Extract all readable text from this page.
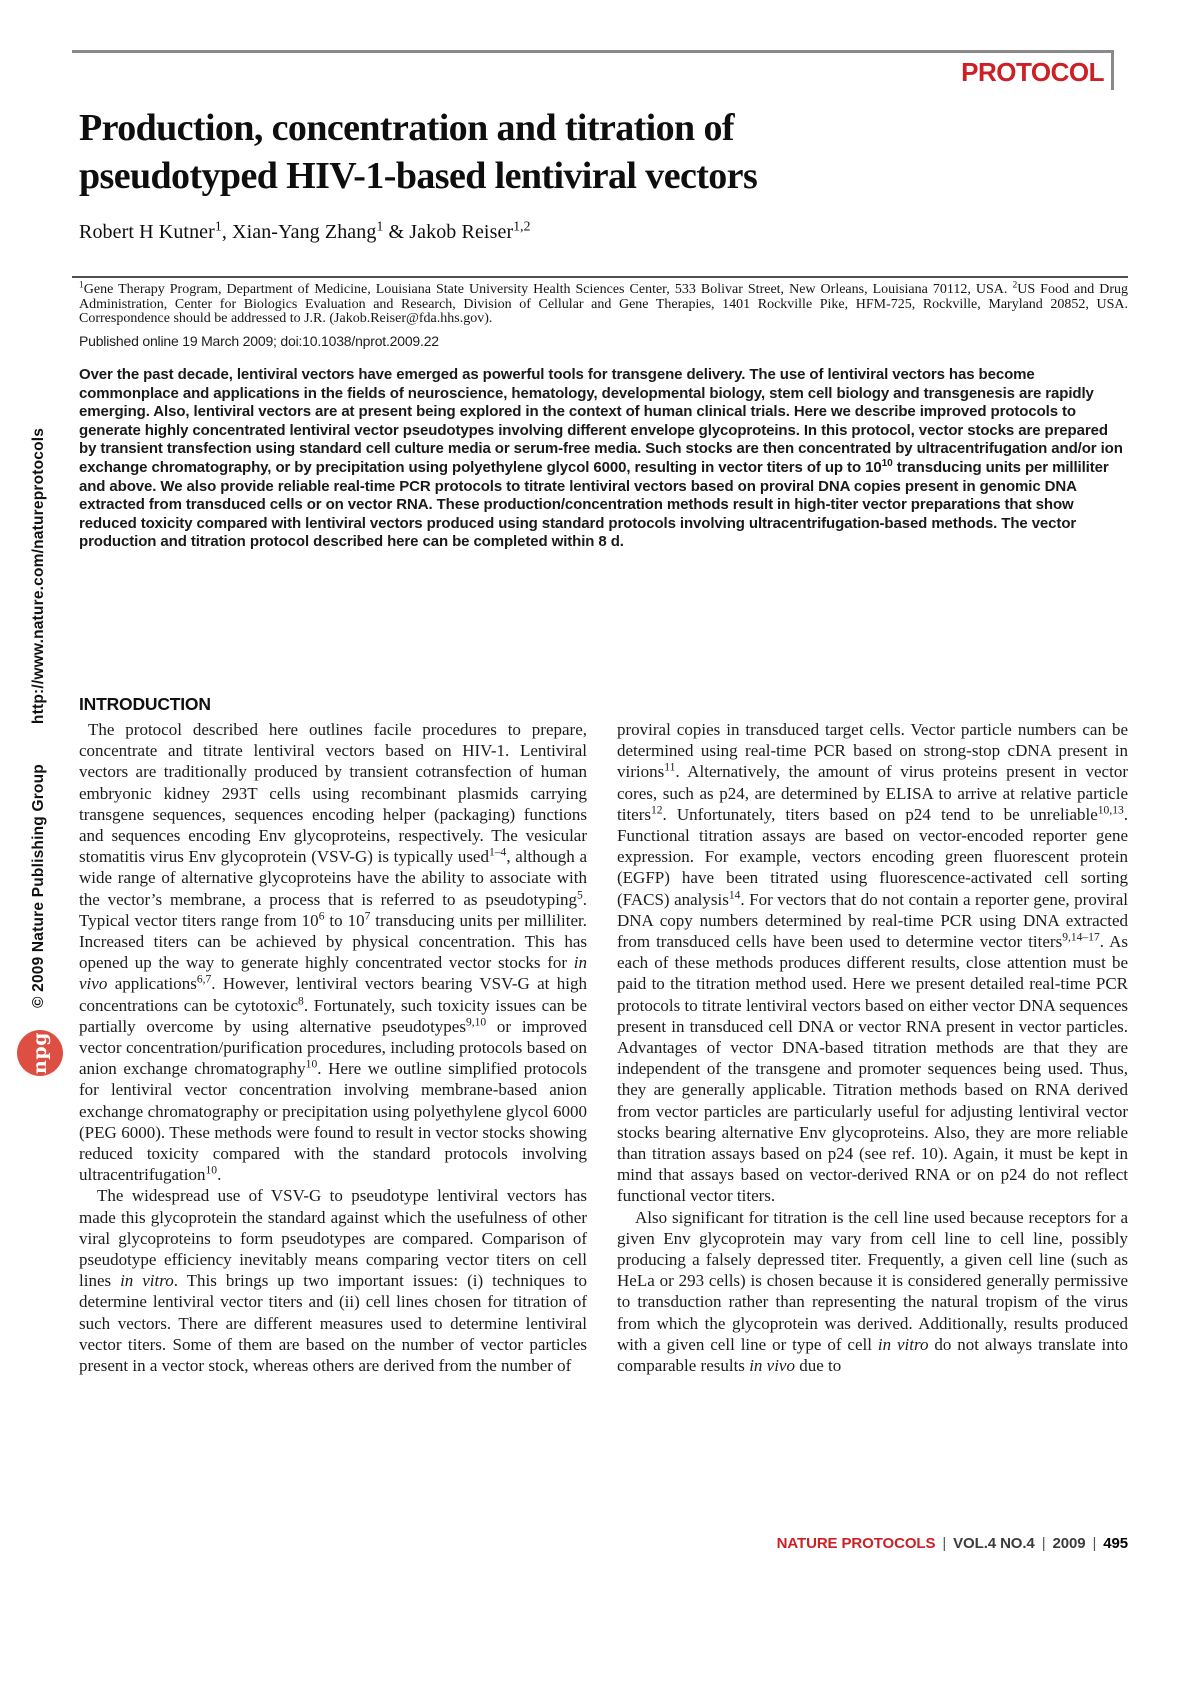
PROTOCOL
Production, concentration and titration of
pseudotyped HIV-1-based lentiviral vectors
Robert H Kutner$^1$, Xian-Yang Zhang$^1$ & Jakob Reiser$^{1,2}$
$^1$Gene Therapy Program, Department of Medicine, Louisiana State University Health Sciences Center, 533 Bolivar Street, New Orleans, Louisiana 70112, USA. $^2$US Food and Drug Administration, Center for Biologics Evaluation and Research, Division of Cellular and Gene Therapies, 1401 Rockville Pike, HFM-725, Rockville, Maryland 20852, USA. Correspondence should be addressed to J.R. (Jakob.Reiser@fda.hhs.gov).
Published online 19 March 2009; doi:10.1038/nprot.2009.22
Over the past decade, lentiviral vectors have emerged as powerful tools for transgene delivery. The use of lentiviral vectors has become commonplace and applications in the fields of neuroscience, hematology, developmental biology, stem cell biology and transgenesis are rapidly emerging. Also, lentiviral vectors are at present being explored in the context of human clinical trials. Here we describe improved protocols to generate highly concentrated lentiviral vector pseudotypes involving different envelope glycoproteins. In this protocol, vector stocks are prepared by transient transfection using standard cell culture media or serum-free media. Such stocks are then concentrated by ultracentrifugation and/or ion exchange chromatography, or by precipitation using polyethylene glycol 6000, resulting in vector titers of up to $10^{10}$ transducing units per milliliter and above. We also provide reliable real-time PCR protocols to titrate lentiviral vectors based on proviral DNA copies present in genomic DNA extracted from transduced cells or on vector RNA. These production/concentration methods result in high-titer vector preparations that show reduced toxicity compared with lentiviral vectors produced using standard protocols involving ultracentrifugation-based methods. The vector production and titration protocol described here can be completed within 8 d.
INTRODUCTION

The protocol described here outlines facile procedures to prepare, concentrate and titrate lentiviral vectors based on HIV-1. Lentiviral vectors are traditionally produced by transient cotransfection of human embryonic kidney 293T cells using recombinant plasmids carrying transgene sequences, sequences encoding helper (packaging) functions and sequences encoding Env glycoproteins, respectively. The vesicular stomatitis virus Env glycoprotein (VSV-G) is typically used$^{1-4}$, although a wide range of alternative glycoproteins have the ability to associate with the vector’s membrane, a process that is referred to as pseudotyping$^5$. Typical vector titers range from $10^6$ to $10^7$ transducing units per milliliter. Increased titers can be achieved by physical concentration. This has opened up the way to generate highly concentrated vector stocks for in vivo applications$^{6,7}$. However, lentiviral vectors bearing VSV-G at high concentrations can be cytotoxic$^8$. Fortunately, such toxicity issues can be partially overcome by using alternative pseudotypes$^{9,10}$ or improved vector concentration/purification procedures, including protocols based on anion exchange chromatography$^{10}$. Here we outline simplified protocols for lentiviral vector concentration involving membrane-based anion exchange chromatography or precipitation using polyethylene glycol 6000 (PEG 6000). These methods were found to result in vector stocks showing reduced toxicity compared with the standard protocols involving ultracentrifugation$^{10}$.

The widespread use of VSV-G to pseudotype lentiviral vectors has made this glycoprotein the standard against which the usefulness of other viral glycoproteins to form pseudotypes are compared. Comparison of pseudotype efficiency inevitably means comparing vector titers on cell lines in vitro. This brings up two important issues: (i) techniques to determine lentiviral vector titers and (ii) cell lines chosen for titration of such vectors. There are different measures used to determine lentiviral vector titers. Some of them are based on the number of vector particles present in a vector stock, whereas others are derived from the number of

proviral copies in transduced target cells. Vector particle numbers can be determined using real-time PCR based on strong-stop cDNA present in virions$^{11}$. Alternatively, the amount of virus proteins present in vector cores, such as p24, are determined by ELISA to arrive at relative particle titers$^{12}$. Unfortunately, titers based on p24 tend to be unreliable$^{10,13}$. Functional titration assays are based on vector-encoded reporter gene expression. For example, vectors encoding green fluorescent protein (EGFP) have been titrated using fluorescence-activated cell sorting (FACS) analysis$^{14}$. For vectors that do not contain a reporter gene, proviral DNA copy numbers determined by real-time PCR using DNA extracted from transduced cells have been used to determine vector titers$^{9,14-17}$. As each of these methods produces different results, close attention must be paid to the titration method used. Here we present detailed real-time PCR protocols to titrate lentiviral vectors based on either vector DNA sequences present in transduced cell DNA or vector RNA present in vector particles. Advantages of vector DNA-based titration methods are that they are independent of the transgene and promoter sequences being used. Thus, they are generally applicable. Titration methods based on RNA derived from vector particles are particularly useful for adjusting lentiviral vector stocks bearing alternative Env glycoproteins. Also, they are more reliable than titration assays based on p24 (see ref. 10). Again, it must be kept in mind that assays based on vector-derived RNA or on p24 do not reflect functional vector titers.

Also significant for titration is the cell line used because receptors for a given Env glycoprotein may vary from cell line to cell line, possibly producing a falsely depressed titer. Frequently, a given cell line (such as HeLa or 293 cells) is chosen because it is considered generally permissive to transduction rather than representing the natural tropism of the virus from which the glycoprotein was derived. Additionally, results produced with a given cell line or type of cell in vitro do not always translate into comparable results in vivo due to

© 2009 Nature Publishing Grouphttp://www.nature.com/natureprotocols
npg
NATURE PROTOCOLS | VOL.4 NO.4 | 2009 | 495
